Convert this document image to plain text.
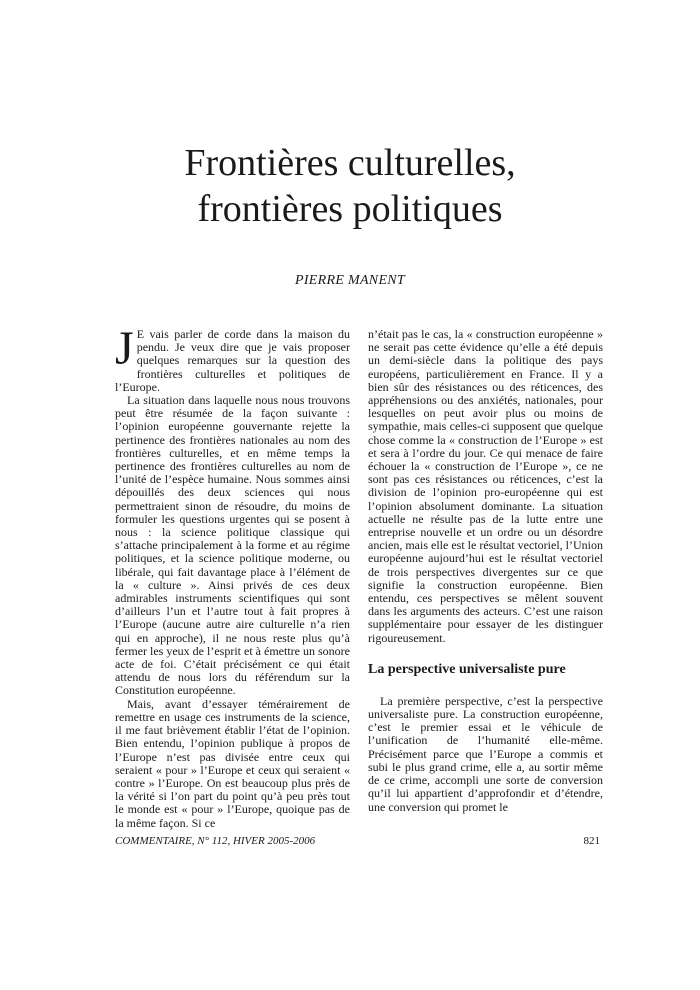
Frontières culturelles,
frontières politiques
PIERRE MANENT

J E vais parler de corde dans la maison du pendu. Je veux dire que je vais proposer quelques remarques sur la question des frontières culturelles et politiques de l’Europe.

La situation dans laquelle nous nous trouvons peut être résumée de la façon suivante : l’opinion européenne gouvernante rejette la pertinence des frontières nationales au nom des frontières culturelles, et en même temps la pertinence des frontières culturelles au nom de l’unité de l’espèce humaine. Nous sommes ainsi dépouillés des deux sciences qui nous permettraient sinon de résoudre, du moins de formuler les questions urgentes qui se posent à nous : la science politique classique qui s’attache principalement à la forme et au régime politiques, et la science politique moderne, ou libérale, qui fait davantage place à l’élément de la « culture ». Ainsi privés de ces deux admirables instruments scientifiques qui sont d’ailleurs l’un et l’autre tout à fait propres à l’Europe (aucune autre aire culturelle n’a rien qui en approche), il ne nous reste plus qu’à fermer les yeux de l’esprit et à émettre un sonore acte de foi. C’était précisément ce qui était attendu de nous lors du référendum sur la Constitution européenne.

Mais, avant d’essayer témérairement de remettre en usage ces instruments de la science, il me faut brièvement établir l’état de l’opinion. Bien entendu, l’opinion publique à propos de l’Europe n’est pas divisée entre ceux qui seraient « pour » l’Europe et ceux qui seraient « contre » l’Europe. On est beaucoup plus près de la vérité si l’on part du point qu’à peu près tout le monde est « pour » l’Europe, quoique pas de la même façon. Si ce

n’était pas le cas, la « construction européenne » ne serait pas cette évidence qu’elle a été depuis un demi-siècle dans la politique des pays européens, particulièrement en France. Il y a bien sûr des résistances ou des réticences, des appréhensions ou des anxiétés, nationales, pour lesquelles on peut avoir plus ou moins de sympathie, mais celles-ci supposent que quelque chose comme la « construction de l’Europe » est et sera à l’ordre du jour. Ce qui menace de faire échouer la « construction de l’Europe », ce ne sont pas ces résistances ou réticences, c’est la division de l’opinion pro-européenne qui est l’opinion absolument dominante. La situation actuelle ne résulte pas de la lutte entre une entreprise nouvelle et un ordre ou un désordre ancien, mais elle est le résultat vectoriel, l’Union européenne aujourd’hui est le résultat vectoriel de trois perspectives divergentes sur ce que signifie la construction européenne. Bien entendu, ces perspectives se mêlent souvent dans les arguments des acteurs. C’est une raison supplémentaire pour essayer de les distinguer rigoureusement.

La perspective universaliste pure

La première perspective, c’est la perspective universaliste pure. La construction européenne, c’est le premier essai et le véhicule de l’unification de l’humanité elle-même. Précisément parce que l’Europe a commis et subi le plus grand crime, elle a, au sortir même de ce crime, accompli une sorte de conversion qu’il lui appartient d’approfondir et d’étendre, une conversion qui promet le

COMMENTAIRE, N° 112, HIVER 2005-2006	821
